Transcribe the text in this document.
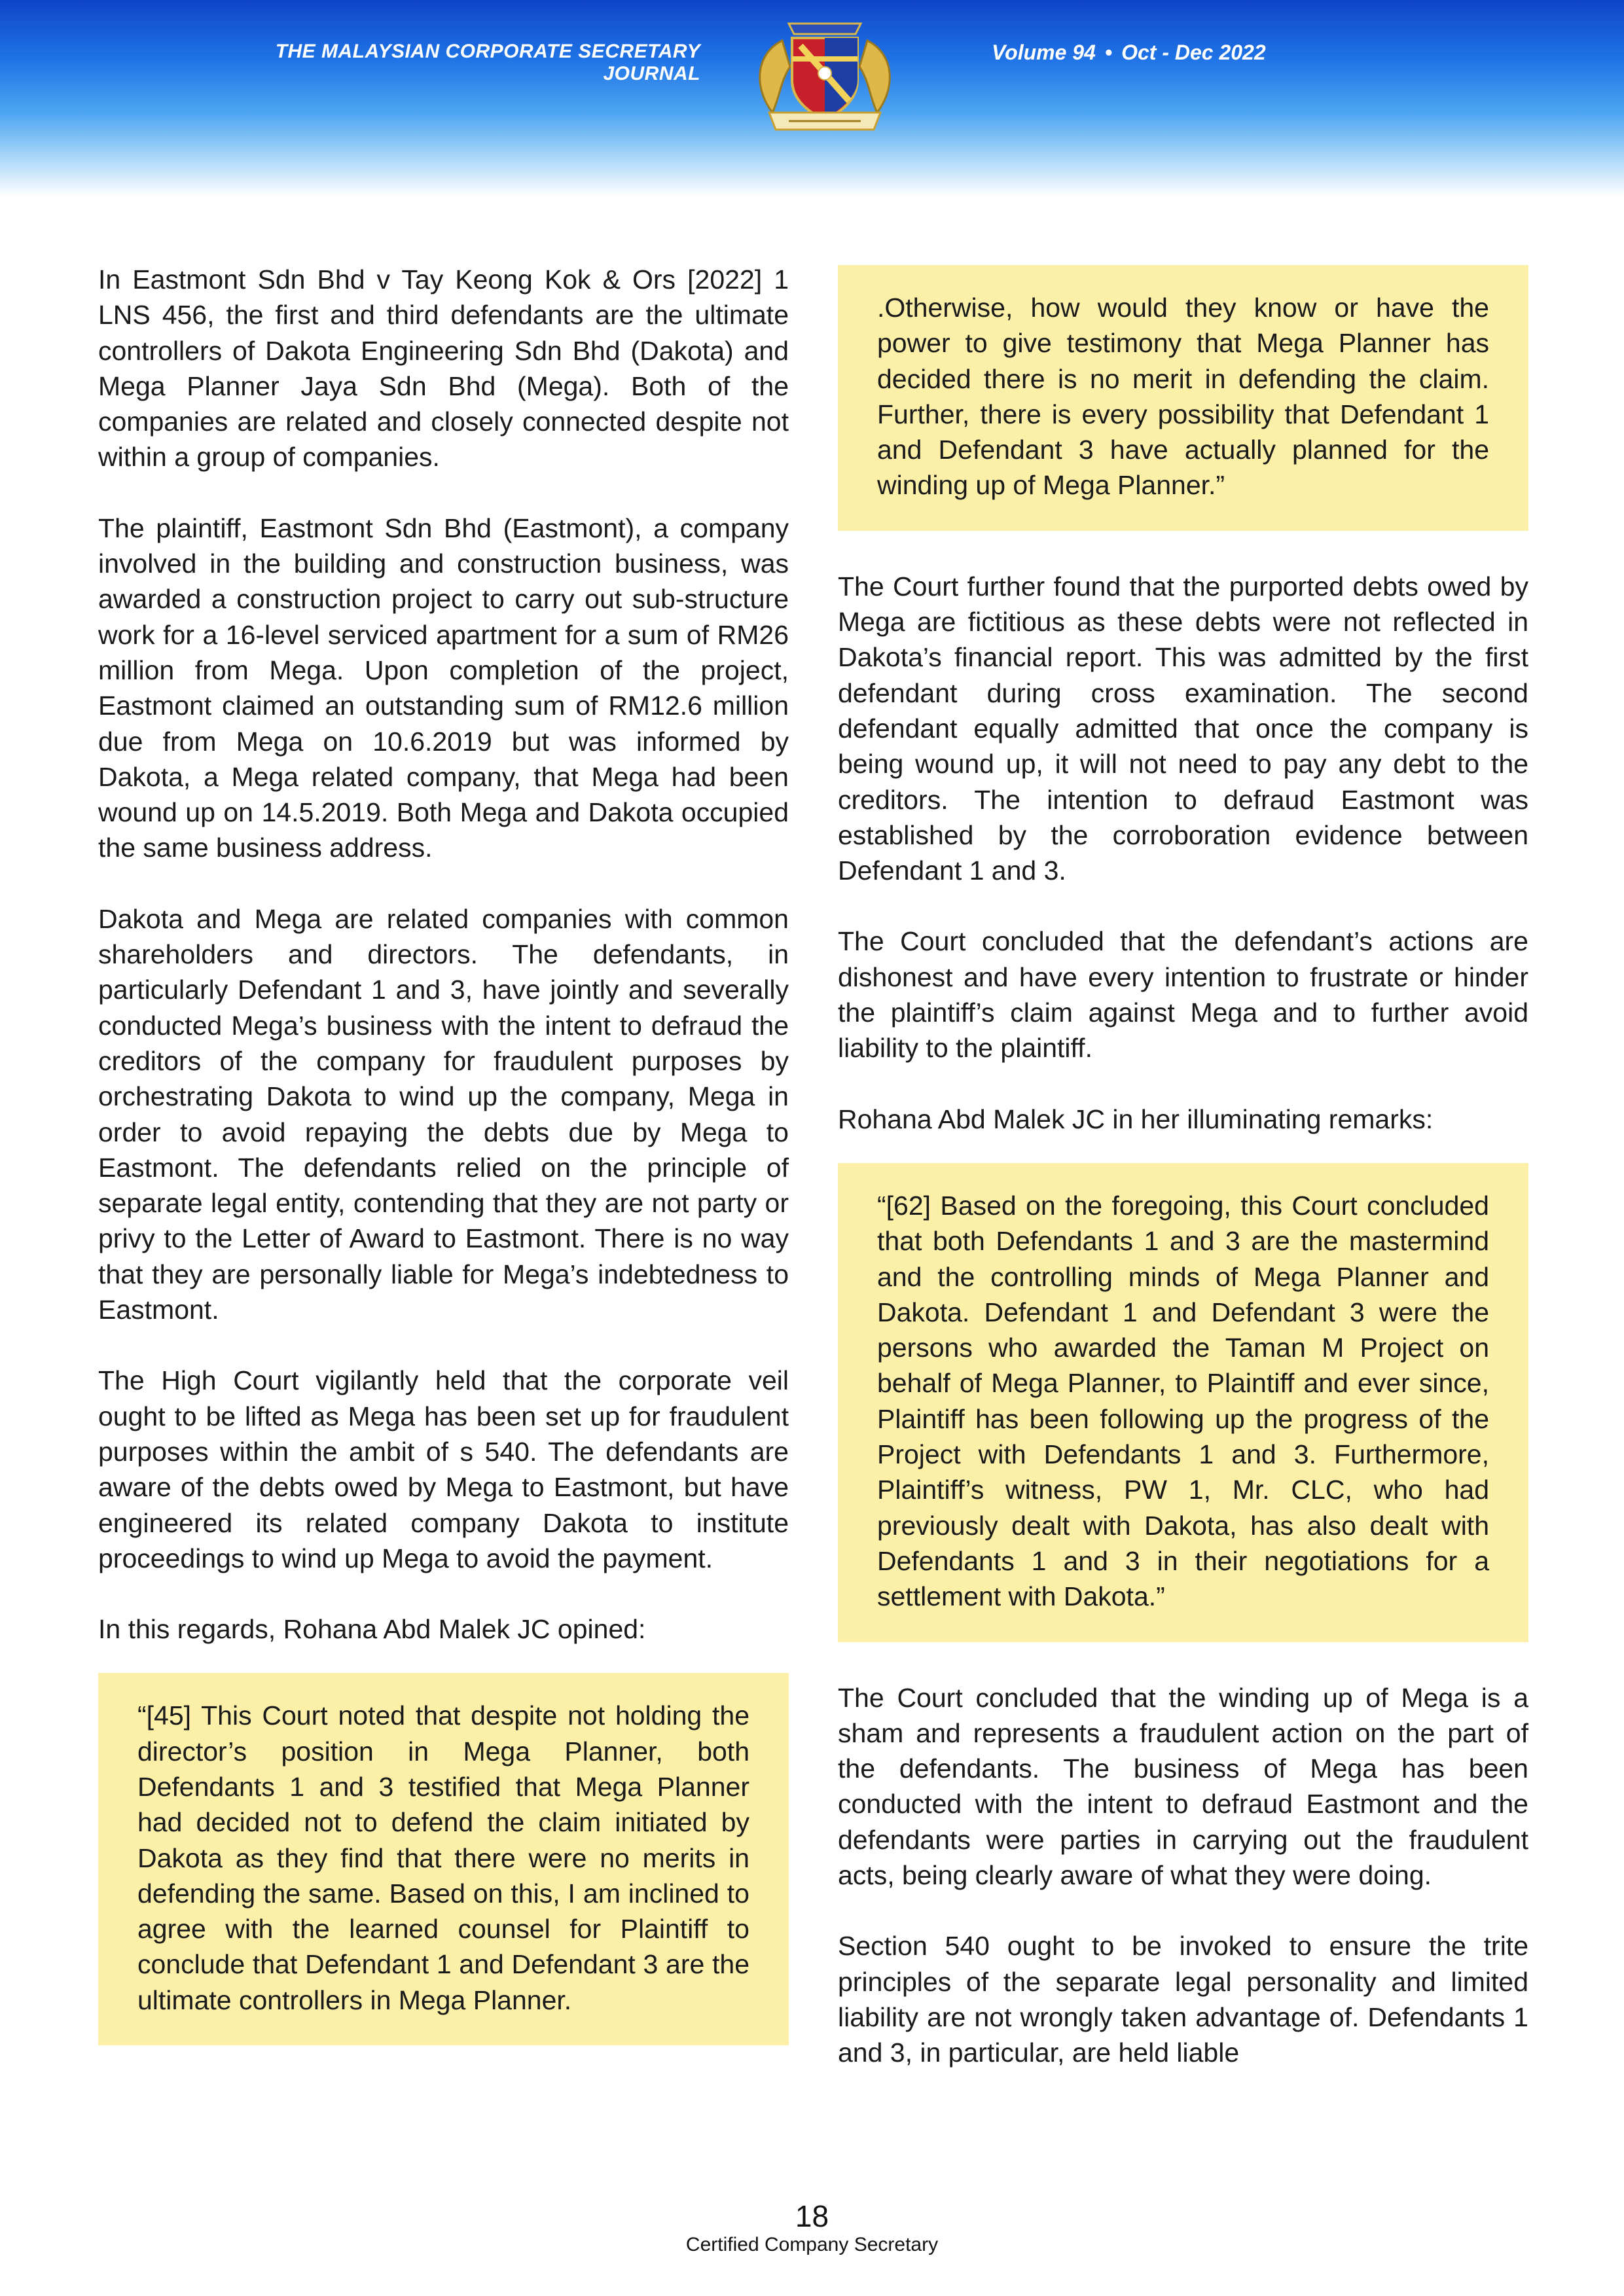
THE MALAYSIAN CORPORATE SECRETARY JOURNAL
Volume 94 • Oct - Dec 2022

In Eastmont Sdn Bhd v Tay Keong Kok & Ors [2022] 1 LNS 456, the first and third defendants are the ultimate controllers of Dakota Engineering Sdn Bhd (Dakota) and Mega Planner Jaya Sdn Bhd (Mega). Both of the companies are related and closely connected despite not within a group of companies.

The plaintiff, Eastmont Sdn Bhd (Eastmont), a company involved in the building and construction business, was awarded a construction project to carry out sub-structure work for a 16-level serviced apartment for a sum of RM26 million from Mega. Upon completion of the project, Eastmont claimed an outstanding sum of RM12.6 million due from Mega on 10.6.2019 but was informed by Dakota, a Mega related company, that Mega had been wound up on 14.5.2019. Both Mega and Dakota occupied the same business address.

Dakota and Mega are related companies with common shareholders and directors. The defendants, in particularly Defendant 1 and 3, have jointly and severally conducted Mega’s business with the intent to defraud the creditors of the company for fraudulent purposes by orchestrating Dakota to wind up the company, Mega in order to avoid repaying the debts due by Mega to Eastmont. The defendants relied on the principle of separate legal entity, contending that they are not party or privy to the Letter of Award to Eastmont. There is no way that they are personally liable for Mega’s indebtedness to Eastmont.

The High Court vigilantly held that the corporate veil ought to be lifted as Mega has been set up for fraudulent purposes within the ambit of s 540. The defendants are aware of the debts owed by Mega to Eastmont, but have engineered its related company Dakota to institute proceedings to wind up Mega to avoid the payment.

In this regards, Rohana Abd Malek JC opined:

“[45] This Court noted that despite not holding the director’s position in Mega Planner, both Defendants 1 and 3 testified that Mega Planner had decided not to defend the claim initiated by Dakota as they find that there were no merits in defending the same. Based on this, I am inclined to agree with the learned counsel for Plaintiff to conclude that Defendant 1 and Defendant 3 are the ultimate controllers in Mega Planner.

.Otherwise, how would they know or have the power to give testimony that Mega Planner has decided there is no merit in defending the claim. Further, there is every possibility that Defendant 1 and Defendant 3 have actually planned for the winding up of Mega Planner.”

The Court further found that the purported debts owed by Mega are fictitious as these debts were not reflected in Dakota’s financial report. This was admitted by the first defendant during cross examination. The second defendant equally admitted that once the company is being wound up, it will not need to pay any debt to the creditors. The intention to defraud Eastmont was established by the corroboration evidence between Defendant 1 and 3.

The Court concluded that the defendant’s actions are dishonest and have every intention to frustrate or hinder the plaintiff’s claim against Mega and to further avoid liability to the plaintiff.

Rohana Abd Malek JC in her illuminating remarks:

“[62] Based on the foregoing, this Court concluded that both Defendants 1 and 3 are the mastermind and the controlling minds of Mega Planner and Dakota. Defendant 1 and Defendant 3 were the persons who awarded the Taman M Project on behalf of Mega Planner, to Plaintiff and ever since, Plaintiff has been following up the progress of the Project with Defendants 1 and 3. Furthermore, Plaintiff’s witness, PW 1, Mr. CLC, who had previously dealt with Dakota, has also dealt with Defendants 1 and 3 in their negotiations for a settlement with Dakota.”

The Court concluded that the winding up of Mega is a sham and represents a fraudulent action on the part of the defendants. The business of Mega has been conducted with the intent to defraud Eastmont and the defendants were parties in carrying out the fraudulent acts, being clearly aware of what they were doing.

Section 540 ought to be invoked to ensure the trite principles of the separate legal personality and limited liability are not wrongly taken advantage of. Defendants 1 and 3, in particular, are held liable

18
Certified Company Secretary
